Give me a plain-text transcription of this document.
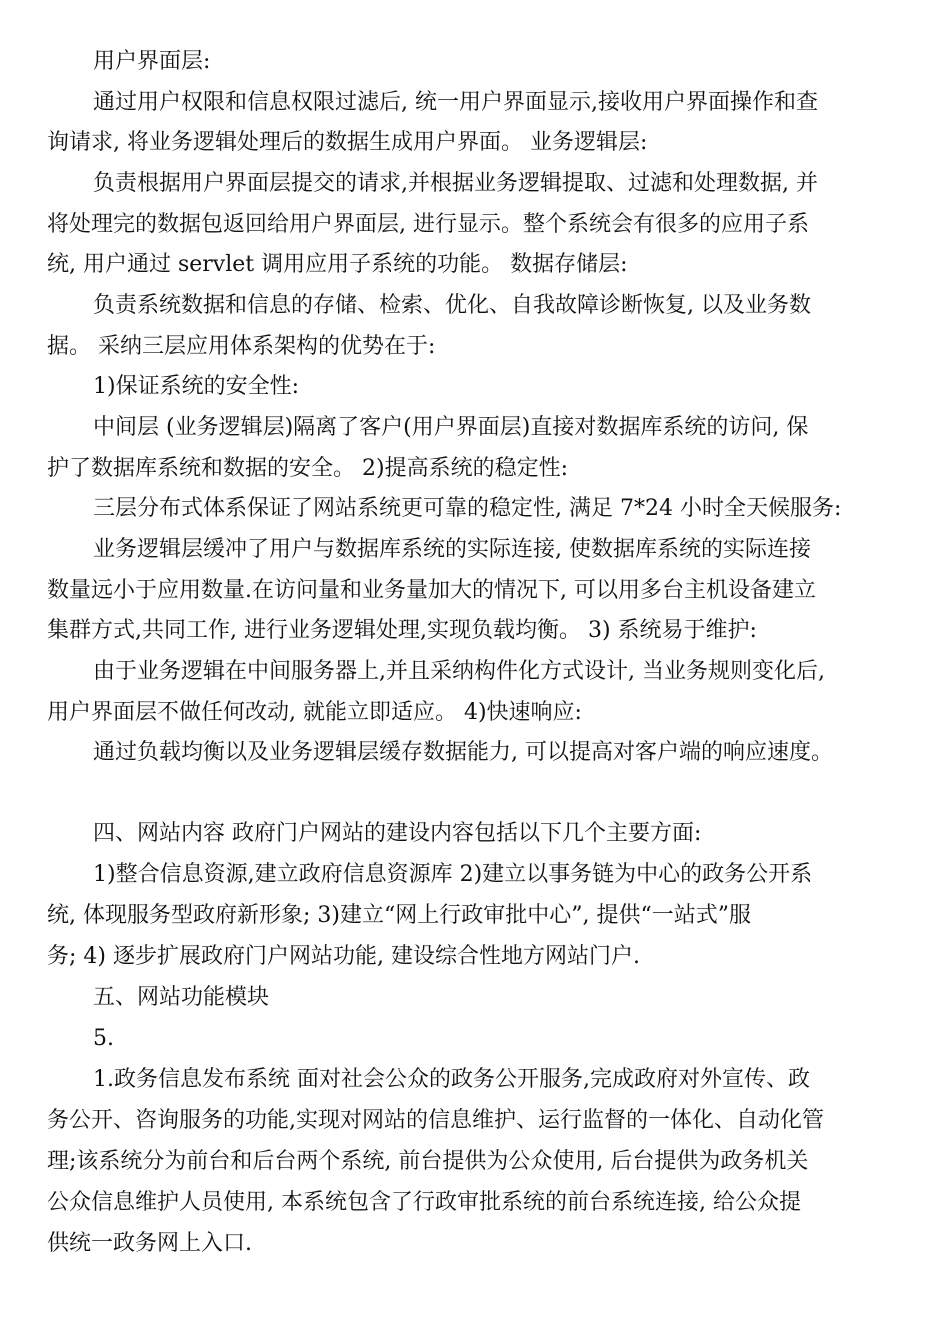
用户界面层:
通过用户权限和信息权限过滤后, 统一用户界面显示,接收用户界面操作和查
询请求, 将业务逻辑处理后的数据生成用户界面。 业务逻辑层:
负责根据用户界面层提交的请求,并根据业务逻辑提取、过滤和处理数据, 并
将处理完的数据包返回给用户界面层, 进行显示。整个系统会有很多的应用子系
统, 用户通过 servlet 调用应用子系统的功能。 数据存储层:
负责系统数据和信息的存储、检索、优化、自我故障诊断恢复, 以及业务数
据。 采纳三层应用体系架构的优势在于:
1)保证系统的安全性:
中间层 (业务逻辑层)隔离了客户(用户界面层)直接对数据库系统的访问, 保
护了数据库系统和数据的安全。 2)提高系统的稳定性:
三层分布式体系保证了网站系统更可靠的稳定性, 满足 7*24 小时全天候服务:
业务逻辑层缓冲了用户与数据库系统的实际连接, 使数据库系统的实际连接
数量远小于应用数量.在访问量和业务量加大的情况下, 可以用多台主机设备建立
集群方式,共同工作, 进行业务逻辑处理,实现负载均衡。 3) 系统易于维护:
由于业务逻辑在中间服务器上,并且采纳构件化方式设计, 当业务规则变化后,
用户界面层不做任何改动, 就能立即适应。 4)快速响应:
通过负载均衡以及业务逻辑层缓存数据能力, 可以提高对客户端的响应速度。
四、网站内容 政府门户网站的建设内容包括以下几个主要方面:
1)整合信息资源,建立政府信息资源库 2)建立以事务链为中心的政务公开系
统, 体现服务型政府新形象; 3)建立“网上行政审批中心”, 提供“一站式”服
务; 4) 逐步扩展政府门户网站功能, 建设综合性地方网站门户.
五、网站功能模块
5.
1.政务信息发布系统 面对社会公众的政务公开服务,完成政府对外宣传、政
务公开、咨询服务的功能,实现对网站的信息维护、运行监督的一体化、自动化管
理;该系统分为前台和后台两个系统, 前台提供为公众使用, 后台提供为政务机关
公众信息维护人员使用, 本系统包含了行政审批系统的前台系统连接, 给公众提
供统一政务网上入口.
